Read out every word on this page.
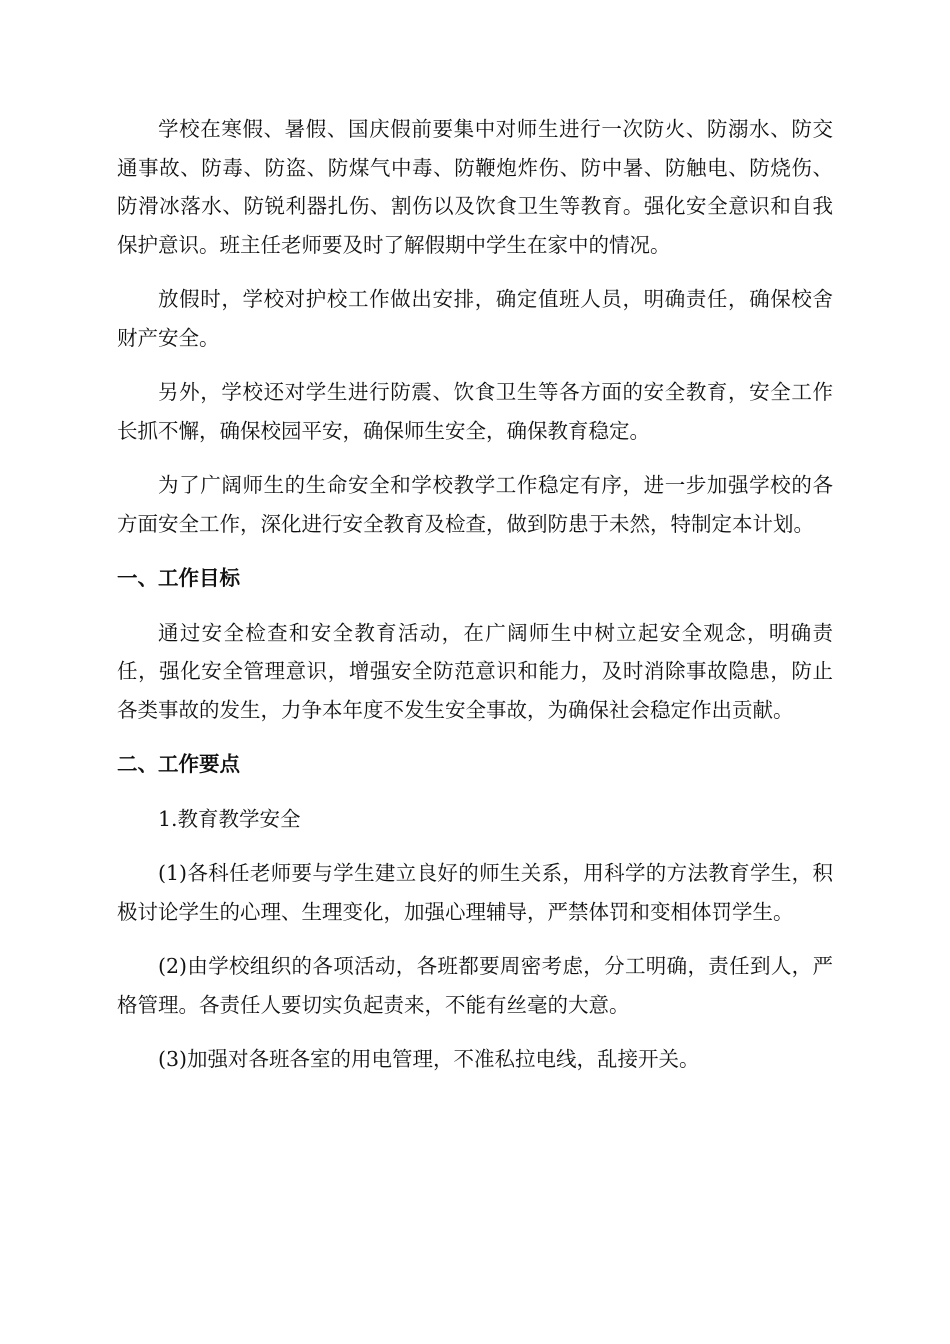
学校在寒假、暑假、国庆假前要集中对师生进行一次防火、防溺水、防交通事故、防毒、防盗、防煤气中毒、防鞭炮炸伤、防中暑、防触电、防烧伤、防滑冰落水、防锐利器扎伤、割伤以及饮食卫生等教育。强化安全意识和自我保护意识。班主任老师要及时了解假期中学生在家中的情况。

放假时，学校对护校工作做出安排，确定值班人员，明确责任，确保校舍财产安全。

另外，学校还对学生进行防震、饮食卫生等各方面的安全教育，安全工作长抓不懈，确保校园平安，确保师生安全，确保教育稳定。

为了广阔师生的生命安全和学校教学工作稳定有序，进一步加强学校的各方面安全工作，深化进行安全教育及检查，做到防患于未然，特制定本计划。

一、工作目标

通过安全检查和安全教育活动，在广阔师生中树立起安全观念，明确责任，强化安全管理意识，增强安全防范意识和能力，及时消除事故隐患，防止各类事故的发生，力争本年度不发生安全事故，为确保社会稳定作出贡献。

二、工作要点

1.教育教学安全

(1)各科任老师要与学生建立良好的师生关系，用科学的方法教育学生，积极讨论学生的心理、生理变化，加强心理辅导，严禁体罚和变相体罚学生。

(2)由学校组织的各项活动，各班都要周密考虑，分工明确，责任到人，严格管理。各责任人要切实负起责来，不能有丝毫的大意。

(3)加强对各班各室的用电管理，不准私拉电线，乱接开关。
